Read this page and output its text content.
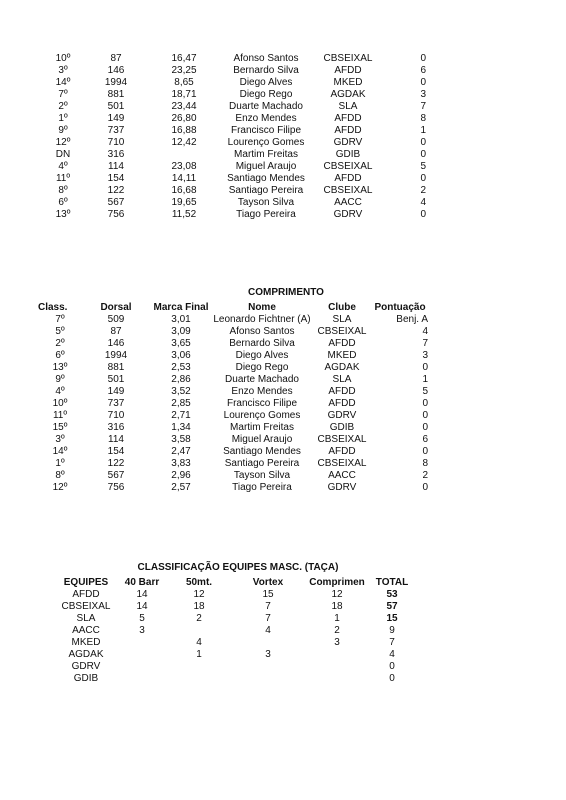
10º	87	16,47	Afonso Santos	CBSEIXAL	0
3º	146	23,25	Bernardo Silva	AFDD	6
14º	1994	8,65	Diego Alves	MKED	0
7º	881	18,71	Diego Rego	AGDAK	3
2º	501	23,44	Duarte Machado	SLA	7
1º	149	26,80	Enzo Mendes	AFDD	8
9º	737	16,88	Francisco Filipe	AFDD	1
12º	710	12,42	Lourenço Gomes	GDRV	0
DN	316		Martim Freitas	GDIB	0
4º	114	23,08	Miguel Araujo	CBSEIXAL	5
11º	154	14,11	Santiago Mendes	AFDD	0
8º	122	16,68	Santiago Pereira	CBSEIXAL	2
6º	567	19,65	Tayson Silva	AACC	4
13º	756	11,52	Tiago Pereira	GDRV	0
COMPRIMENTO
Class.	Dorsal	Marca Final	Nome	Clube	Pontuação
7º	509	3,01	Leonardo Fichtner (A)	SLA	Benj. A
5º	87	3,09	Afonso Santos	CBSEIXAL	4
2º	146	3,65	Bernardo Silva	AFDD	7
6º	1994	3,06	Diego Alves	MKED	3
13º	881	2,53	Diego Rego	AGDAK	0
9º	501	2,86	Duarte Machado	SLA	1
4º	149	3,52	Enzo Mendes	AFDD	5
10º	737	2,85	Francisco Filipe	AFDD	0
11º	710	2,71	Lourenço Gomes	GDRV	0
15º	316	1,34	Martim Freitas	GDIB	0
3º	114	3,58	Miguel Araujo	CBSEIXAL	6
14º	154	2,47	Santiago Mendes	AFDD	0
1º	122	3,83	Santiago Pereira	CBSEIXAL	8
8º	567	2,96	Tayson Silva	AACC	2
12º	756	2,57	Tiago Pereira	GDRV	0
CLASSIFICAÇÃO EQUIPES MASC. (TAÇA)
EQUIPES	40 Barr	50mt.	Vortex	Comprimen	TOTAL
AFDD	14	12	15	12	53
CBSEIXAL	14	18	7	18	57
SLA	5	2	7	1	15
AACC	3		4	2	9
MKED		4		3	7
AGDAK		1	3		4
GDRV					0
GDIB					0
